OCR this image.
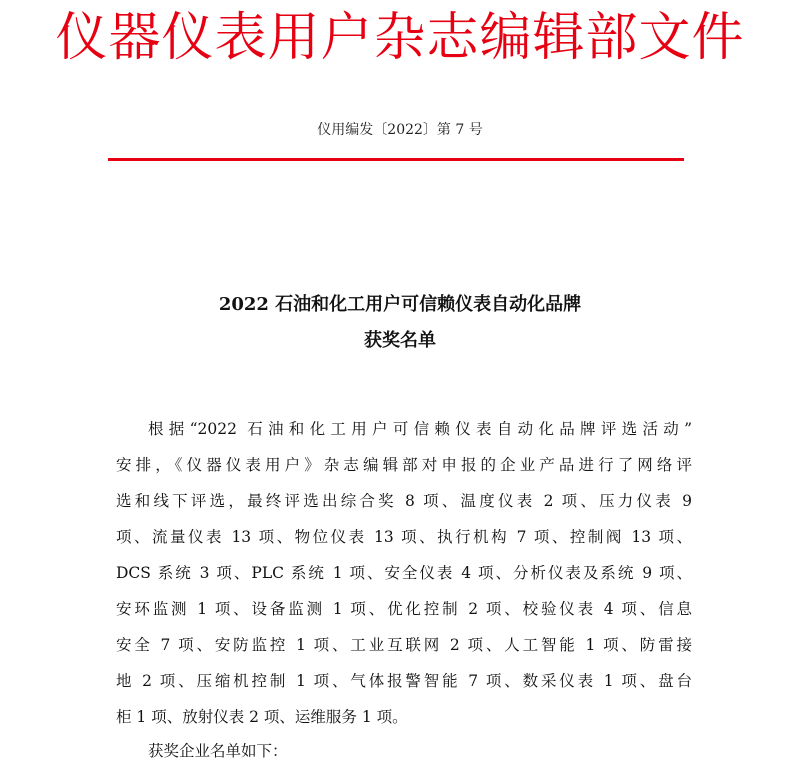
仪器仪表用户杂志编辑部文件
仪用编发〔2022〕第 7 号
2022 石油和化工用户可信赖仪表自动化品牌
获奖名单
根据“2022 石油和化工用户可信赖仪表自动化品牌评选活动”
安排，《仪器仪表用户》杂志编辑部对申报的企业产品进行了网络评
选和线下评选，最终评选出综合奖 8 项、温度仪表 2 项、压力仪表 9
项、流量仪表 13 项、物位仪表 13 项、执行机构 7 项、控制阀 13 项、
DCS 系统 3 项、PLC 系统 1 项、安全仪表 4 项、分析仪表及系统 9 项、
安环监测 1 项、设备监测 1 项、优化控制 2 项、校验仪表 4 项、信息
安全 7 项、安防监控 1 项、工业互联网 2 项、人工智能 1 项、防雷接
地 2 项、压缩机控制 1 项、气体报警智能 7 项、数采仪表 1 项、盘台
柜 1 项、放射仪表 2 项、运维服务 1 项。
获奖企业名单如下：
